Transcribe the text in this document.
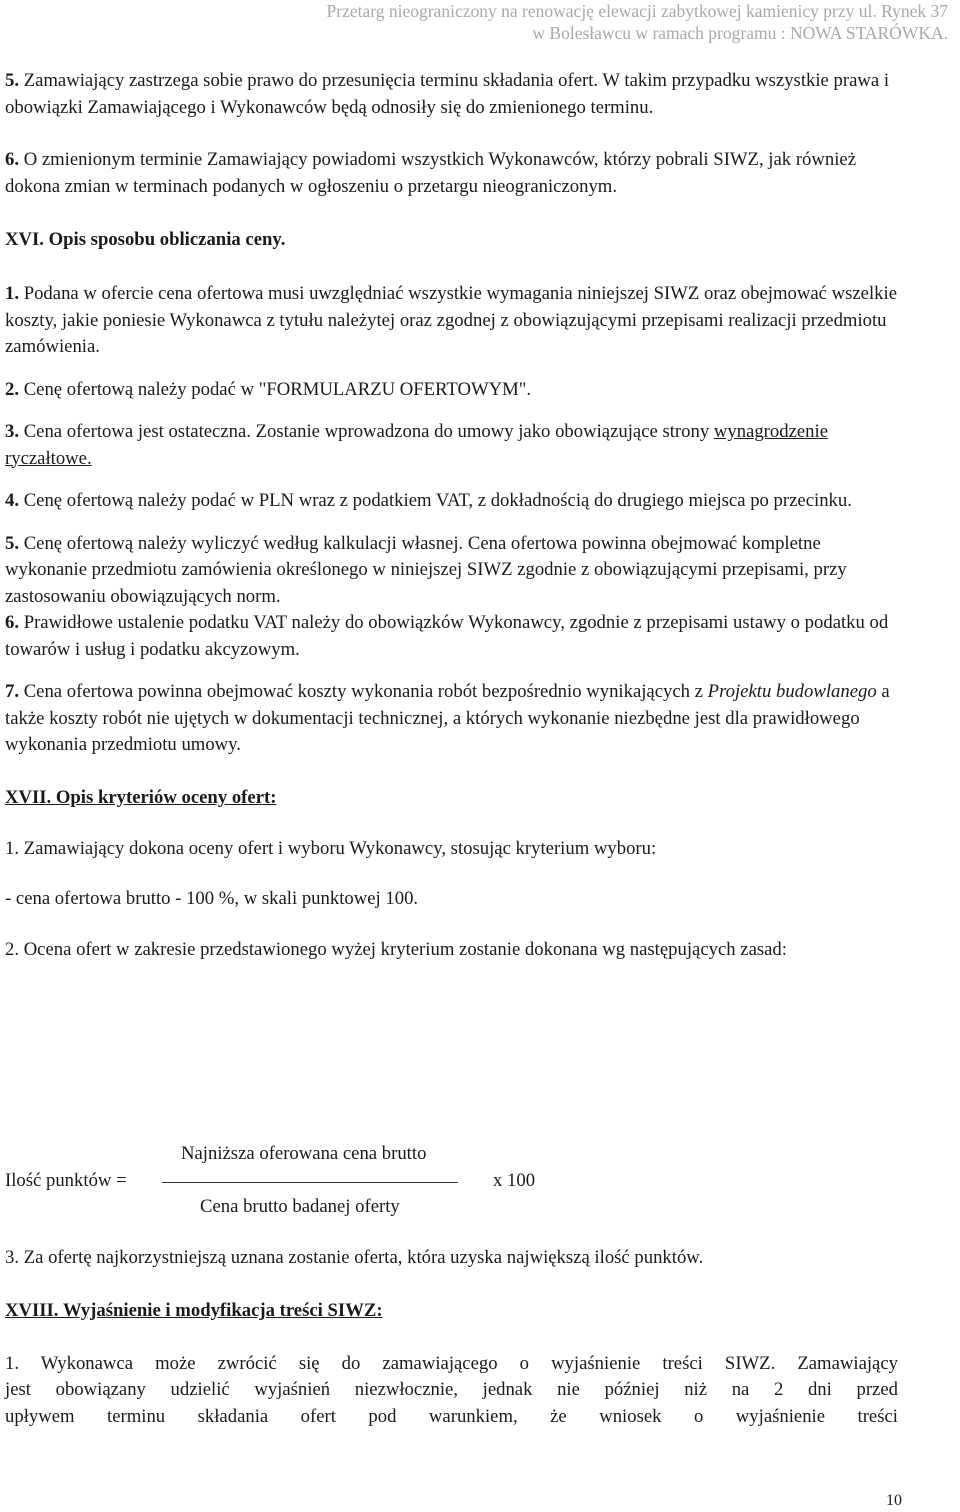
Przetarg nieograniczony na renowację elewacji zabytkowej kamienicy przy ul. Rynek 37
w Bolesławcu w ramach programu : NOWA STARÓWKA.

5. Zamawiający zastrzega sobie prawo do przesunięcia terminu składania ofert. W takim przypadku wszystkie prawa i obowiązki Zamawiającego i Wykonawców będą odnosiły się do zmienionego terminu.

6. O zmienionym terminie Zamawiający powiadomi wszystkich Wykonawców, którzy pobrali SIWZ, jak również dokona zmian w terminach podanych w ogłoszeniu o przetargu nieograniczonym.

XVI. Opis sposobu obliczania ceny.

1. Podana w ofercie cena ofertowa musi uwzględniać wszystkie wymagania niniejszej SIWZ oraz obejmować wszelkie koszty, jakie poniesie Wykonawca z tytułu należytej oraz zgodnej z obowiązującymi przepisami realizacji przedmiotu zamówienia.

2. Cenę ofertową należy podać w "FORMULARZU OFERTOWYM".

3. Cena ofertowa jest ostateczna. Zostanie wprowadzona do umowy jako obowiązujące strony wynagrodzenie ryczałtowe.

4. Cenę ofertową należy podać w PLN wraz z podatkiem VAT, z dokładnością do drugiego miejsca po przecinku.

5. Cenę ofertową należy wyliczyć według kalkulacji własnej. Cena ofertowa powinna obejmować kompletne wykonanie przedmiotu zamówienia określonego w niniejszej SIWZ zgodnie z obowiązującymi przepisami, przy zastosowaniu obowiązujących norm.

6. Prawidłowe ustalenie podatku VAT należy do obowiązków Wykonawcy, zgodnie z przepisami ustawy o podatku od towarów i usług i podatku akcyzowym.

7. Cena ofertowa powinna obejmować koszty wykonania robót bezpośrednio wynikających z Projektu budowlanego a także koszty robót nie ujętych w dokumentacji technicznej, a których wykonanie niezbędne jest dla prawidłowego wykonania przedmiotu umowy.

XVII. Opis kryteriów oceny ofert:

1. Zamawiający dokona oceny ofert i wyboru Wykonawcy, stosując kryterium wyboru:

- cena ofertowa brutto - 100 %, w skali punktowej 100.

2. Ocena ofert w zakresie przedstawionego wyżej kryterium zostanie dokonana wg następujących zasad:

Najniższa oferowana cena brutto
Ilość punktów =	x 100
Cena brutto badanej oferty

3. Za ofertę najkorzystniejszą uznana zostanie oferta, która uzyska największą ilość punktów.

XVIII. Wyjaśnienie i modyfikacja treści SIWZ:

1. Wykonawca może zwrócić się do zamawiającego o wyjaśnienie treści SIWZ. Zamawiający

jest obowiązany udzielić wyjaśnień niezwłocznie, jednak nie później niż na 2 dni przed

upływem terminu składania ofert pod warunkiem, że wniosek o wyjaśnienie treści

10
